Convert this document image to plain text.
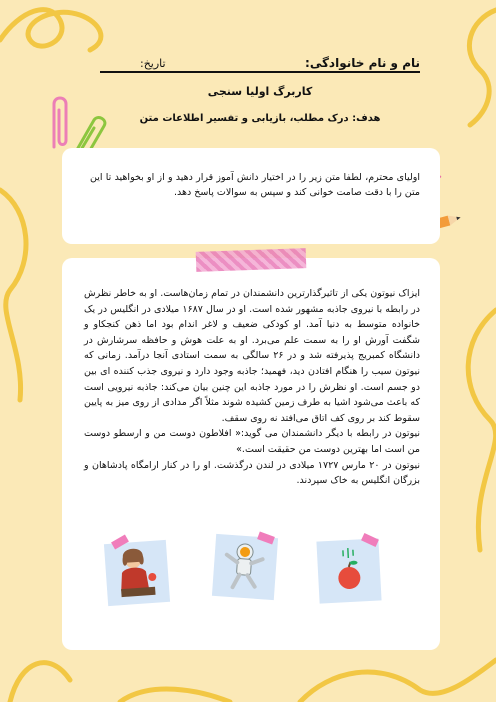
نام و نام خانوادگی:
تاریخ:
کاربرگ اولیا سنجی
هدف: درک مطلب، بازیابی و تفسیر اطلاعات متن
اولیای محترم، لطفا متن زیر را در اختیار دانش آموز قرار دهید و از او بخواهید تا این متن را با دقت صامت خوانی کند و سپس به سوالات پاسخ دهد.

ایزاک نیوتون یکی از تاثیرگذارترین دانشمندان در تمام زمان‌هاست. او به خاطر نظرش در رابطه با نیروی جاذبه مشهور شده است. او در سال ۱۶۸۷ میلادی در انگلیس در یک خانواده متوسط به دنیا آمد. او کودکی ضعیف و لاغر اندام بود اما ذهن کنجکاو و شگفت آورش او را به سمت علم می‌برد. او به علت هوش و حافظه سرشارش در دانشگاه کمبریج پذیرفته شد و در ۲۶ سالگی به سمت استادی آنجا درآمد. زمانی که نیوتون سیب را هنگام افتادن دید، فهمید؛ جاذبه وجود دارد و نیروی جذب کننده ای بین دو جسم است. او نظرش را در مورد جاذبه این چنین بیان می‌کند: جاذبه نیرویی است که باعث می‌شود اشیا به طرف زمین کشیده شوند مثلاً اگر مدادی از روی میز به پایین سقوط کند بر روی کف اتاق می‌افتد نه روی سقف.

نیوتون در رابطه با دیگر دانشمندان می گوید:« افلاطون دوست من و ارسطو دوست من است اما بهترین دوست من حقیقت است.»

نیوتون در ۲۰ مارس ۱۷۲۷ میلادی در لندن درگذشت. او را در کنار ارامگاه پادشاهان و بزرگان انگلیس به خاک سپردند.
